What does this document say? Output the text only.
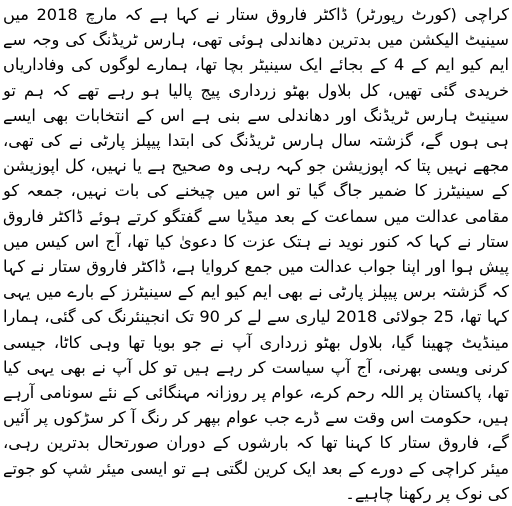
کراچی (کورٹ رپورٹر) ڈاکٹر فاروق ستار نے کہا ہے کہ مارچ 2018 میں سینیٹ الیکشن میں بدترین دھاندلی ہوئی تھی، ہارس ٹریڈنگ کی وجہ سے ایم کیو ایم کے 4 کے بجائے ایک سینیٹر بچا تھا، ہمارے لوگوں کی وفاداریاں خریدی گئی تھیں، کل بلاول بھٹو زرداری پیج پالیا ہو رہے تھے کہ ہم تو سینیٹ ہارس ٹریڈنگ اور دھاندلی سے بنی ہے اس کے انتخابات بھی ایسے ہی ہوں گے، گزشتہ سال ہارس ٹریڈنگ کی ابتدا پیپلز پارٹی نے کی تھی، مجھے نہیں پتا کہ اپوزیشن جو کہہ رہی وہ صحیح ہے یا نہیں، کل اپوزیشن کے سینیٹرز کا ضمیر جاگ گیا تو اس میں چیخنے کی بات نہیں، جمعہ کو مقامی عدالت میں سماعت کے بعد میڈیا سے گفتگو کرتے ہوئے ڈاکٹر فاروق ستار نے کہا کہ کنور نوید نے ہتک عزت کا دعویٰ کیا تھا، آج اس کیس میں پیش ہوا اور اپنا جواب عدالت میں جمع کروایا ہے، ڈاکٹر فاروق ستار نے کہا کہ گزشتہ برس پیپلز پارٹی نے بھی ایم کیو ایم کے سینیٹرز کے بارے میں یہی کہا تھا، 25 جولائی 2018 لیاری سے لے کر 90 تک انجینئرنگ کی گئی، ہمارا مینڈیٹ چھینا گیا، بلاول بھٹو زرداری آپ نے جو بویا تھا وہی کاٹا، جیسی کرنی ویسی بھرنی، آج آپ سیاست کر رہے ہیں تو کل آپ نے بھی یہی کیا تھا، پاکستان پر اللہ رحم کرے، عوام پر روزانہ مہنگائی کے نئے سونامی آرہے ہیں، حکومت اس وقت سے ڈرے جب عوام بپھر کر رنگ آ کر سڑکوں پر آئیں گے، فاروق ستار کا کہنا تھا کہ بارشوں کے دوران صورتحال بدترین رہی، میئر کراچی کے دورے کے بعد ایک کرین لگتی ہے تو ایسی میئر شپ کو جوتے کی نوک پر رکھنا چاہیے۔
